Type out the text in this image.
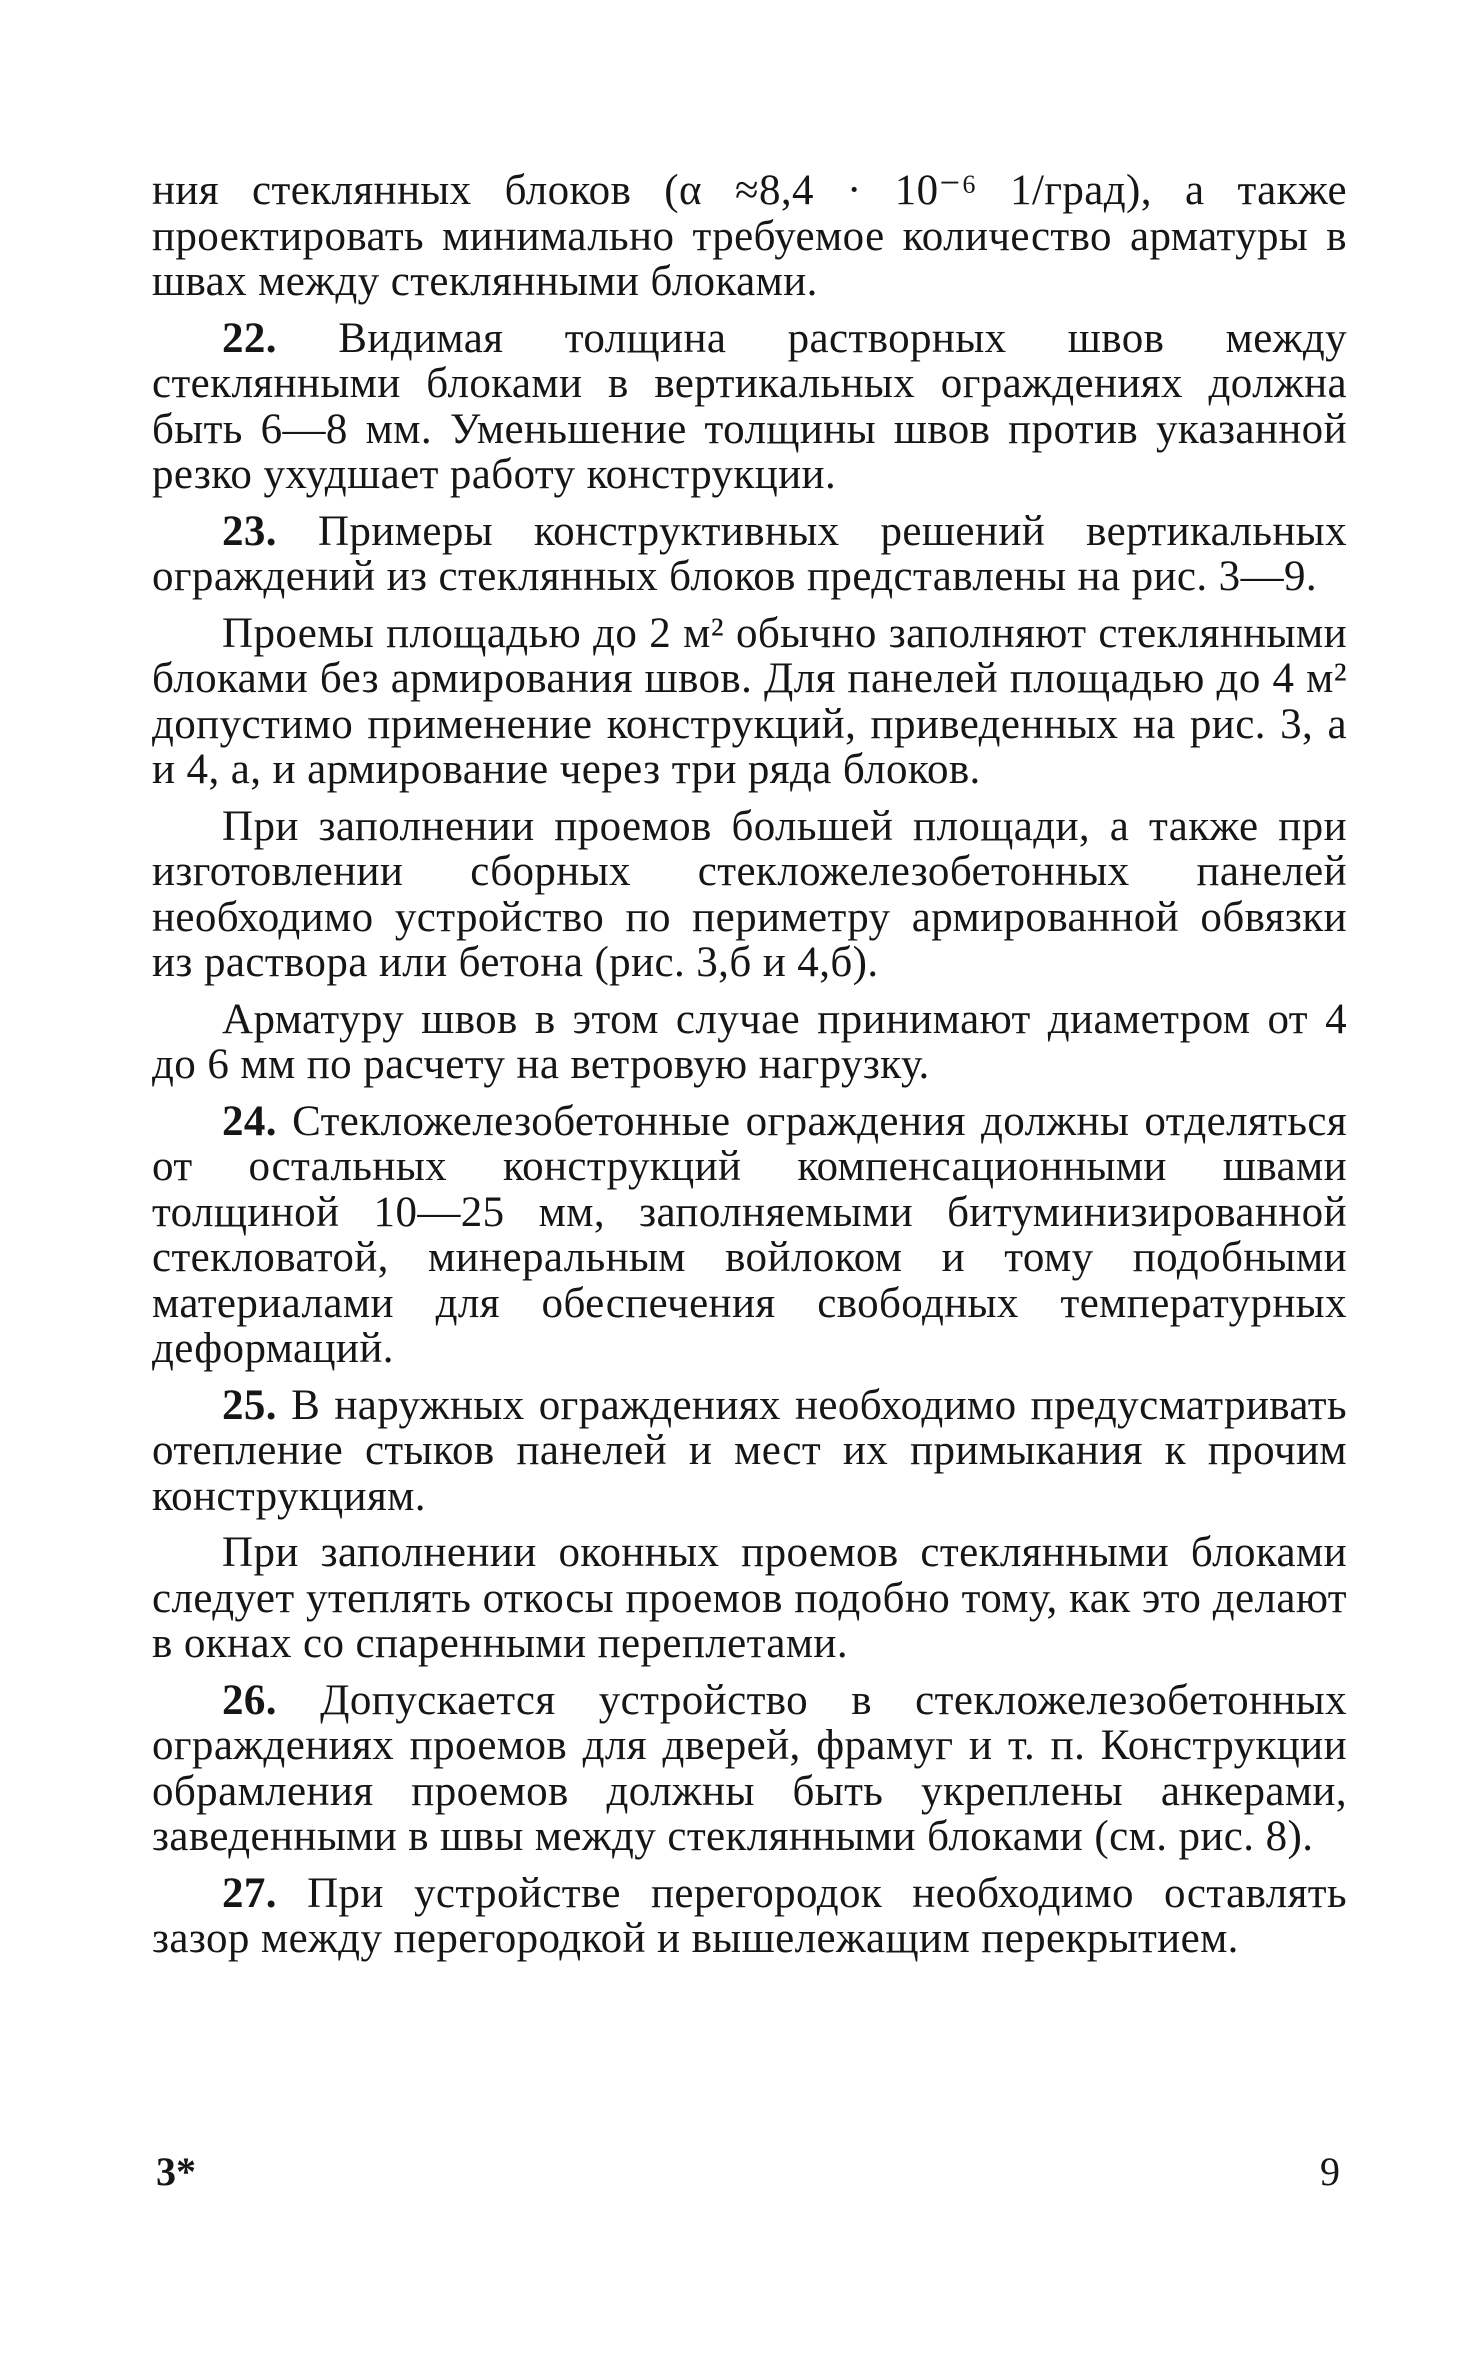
ния стеклянных блоков (α ≈8,4 · 10⁻⁶ 1/град), а также проектировать минимально требуемое количество арматуры в швах между стеклянными блоками.

22. Видимая толщина растворных швов между стеклянными блоками в вертикальных ограждениях должна быть 6—8 мм. Уменьшение толщины швов против указанной резко ухудшает работу конструкции.

23. Примеры конструктивных решений вертикальных ограждений из стеклянных блоков представлены на рис. 3—9.

Проемы площадью до 2 м² обычно заполняют стеклянными блоками без армирования швов. Для панелей площадью до 4 м² допустимо применение конструкций, приведенных на рис. 3, а и 4, а, и армирование через три ряда блоков.

При заполнении проемов большей площади, а также при изготовлении сборных стекложелезобетонных панелей необходимо устройство по периметру армированной обвязки из раствора или бетона (рис. 3,б и 4,б).

Арматуру швов в этом случае принимают диаметром от 4 до 6 мм по расчету на ветровую нагрузку.

24. Стекложелезобетонные ограждения должны отделяться от остальных конструкций компенсационными швами толщиной 10—25 мм, заполняемыми битуминизированной стекловатой, минеральным войлоком и тому подобными материалами для обеспечения свободных температурных деформаций.

25. В наружных ограждениях необходимо предусматривать отепление стыков панелей и мест их примыкания к прочим конструкциям.

При заполнении оконных проемов стеклянными блоками следует утеплять откосы проемов подобно тому, как это делают в окнах со спаренными переплетами.

26. Допускается устройство в стекложелезобетонных ограждениях проемов для дверей, фрамуг и т. п. Конструкции обрамления проемов должны быть укреплены анкерами, заведенными в швы между стеклянными блоками (см. рис. 8).

27. При устройстве перегородок необходимо оставлять зазор между перегородкой и вышележащим перекрытием.

3*	9
